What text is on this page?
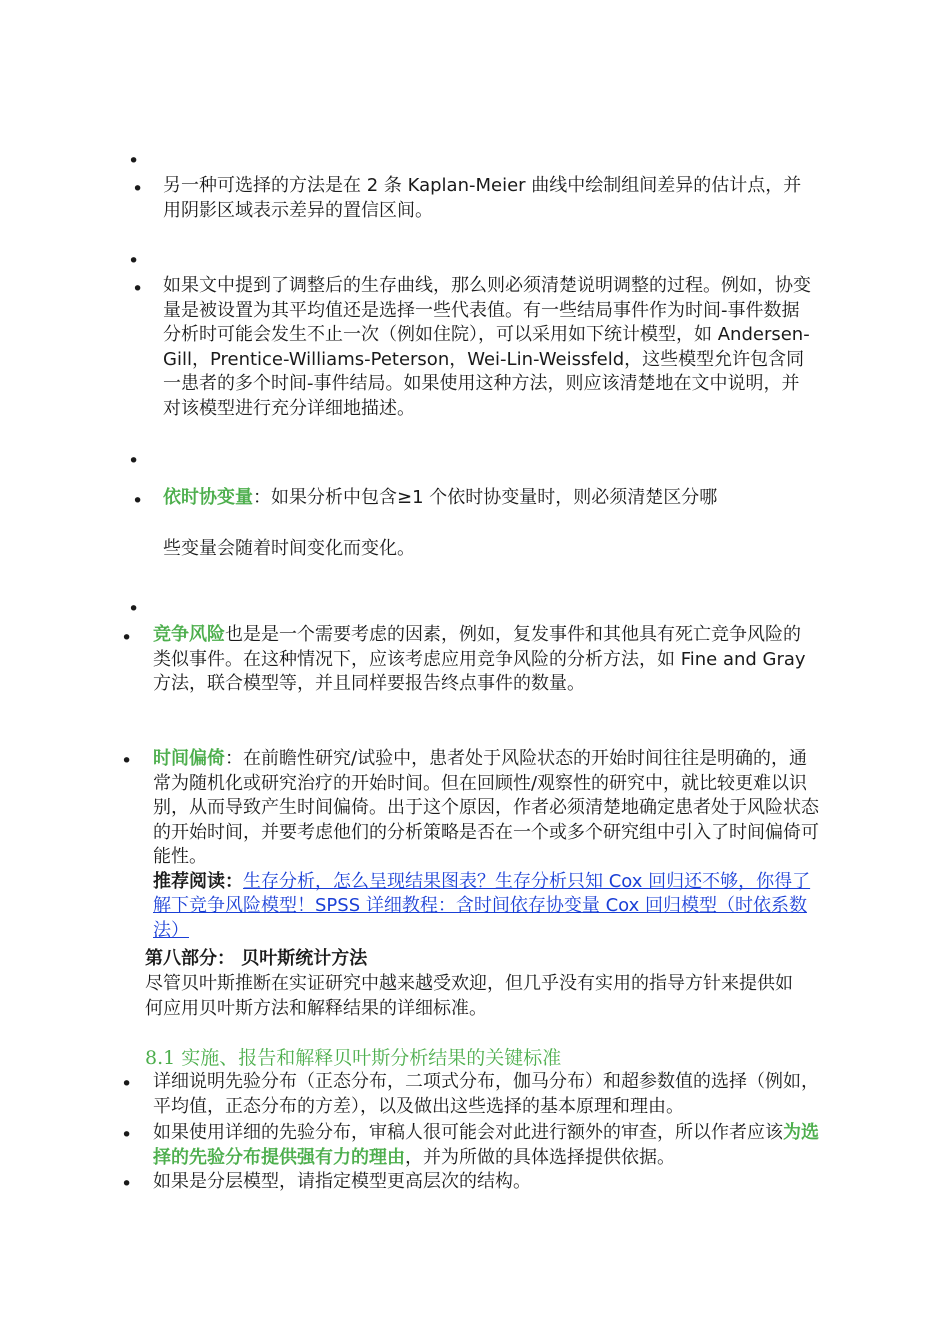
•
•
•
•
• 另一种可选择的方法是在 2 条 Kaplan-Meier 曲线中绘制组间差异的估计点，并用阴影区域表示差异的置信区间。

• 如果文中提到了调整后的生存曲线，那么则必须清楚说明调整的过程。例如，协变量是被设置为其平均值还是选择一些代表值。有一些结局事件作为时间-事件数据分析时可能会发生不止一次（例如住院），可以采用如下统计模型，如 Andersen-Gill，Prentice-Williams-Peterson，Wei-Lin-Weissfeld，这些模型允许包含同一患者的多个时间-事件结局。如果使用这种方法，则应该清楚地在文中说明，并对该模型进行充分详细地描述。

• 依时协变量：如果分析中包含≥1 个依时协变量时，则必须清楚区分哪
些变量会随着时间变化而变化。
• 竞争风险也是是一个需要考虑的因素，例如，复发事件和其他具有死亡竞争风险的类似事件。在这种情况下，应该考虑应用竞争风险的分析方法，如 Fine and Gray 方法，联合模型等，并且同样要报告终点事件的数量。

• 时间偏倚：在前瞻性研究/试验中，患者处于风险状态的开始时间往往是明确的，通常为随机化或研究治疗的开始时间。但在回顾性/观察性的研究中，就比较更难以识别，从而导致产生时间偏倚。出于这个原因，作者必须清楚地确定患者处于风险状态的开始时间，并要考虑他们的分析策略是否在一个或多个研究组中引入了时间偏倚可能性。
推荐阅读：生存分析，怎么呈现结果图表？生存分析只知 Cox 回归还不够，你得了解下竞争风险模型！SPSS 详细教程：含时间依存协变量 Cox 回归模型（时依系数法）
第八部分： 贝叶斯统计方法

尽管贝叶斯推断在实证研究中越来越受欢迎，但几乎没有实用的指导方针来提供如何应用贝叶斯方法和解释结果的详细标准。

8.1 实施、报告和解释贝叶斯分析结果的关键标准
• 详细说明先验分布（正态分布，二项式分布，伽马分布）和超参数值的选择（例如，平均值，正态分布的方差），以及做出这些选择的基本原理和理由。

• 如果使用详细的先验分布，审稿人很可能会对此进行额外的审查，所以作者应该为选择的先验分布提供强有力的理由，并为所做的具体选择提供依据。

• 如果是分层模型，请指定模型更高层次的结构。
